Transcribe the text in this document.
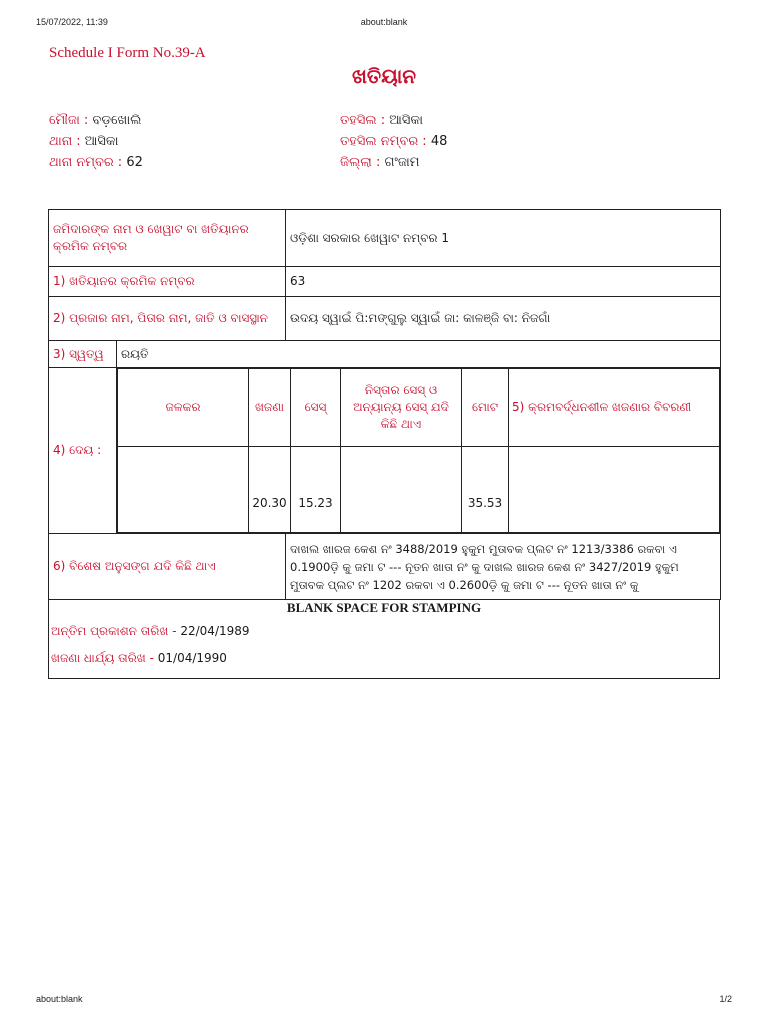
15/07/2022, 11:39	about:blank
Schedule I Form No.39-A
ଖତିୟାନ
ମୌଜା : ବଡ଼ଖୋଲି
ଥାନା : ଆସିକା
ଥାନା ନମ୍ବର : 62
ତହସିଲ : ଆସିକା
ତହସିଲ ନମ୍ବର : 48
ଜିଲ୍ଲା : ଗଂଜାମ
ଜମିଦାରଙ୍କ ନାମ ଓ ଖେୱାଟ ବା ଖତିୟାନର କ୍ରମିକ ନମ୍ବର	ଓଡ଼ିଶା ସରକାର ଖେୱାଟ ନମ୍ବର 1
1) ଖତିୟାନର କ୍ରମିକ ନମ୍ବର	63
2) ପ୍ରଜାର ନାମ, ପିତାର ନାମ, ଜାତି ଓ ବାସସ୍ଥାନ	ଉଦୟ ସ୍ୱାଇଁ ପି:ମଙ୍ଗୁଲୁ ସ୍ୱାଇଁ ଜା: କାଳଞ୍ଜି ବା: ନିଜଗାଁ
3) ସ୍ୱତ୍ୱ	ରୟତି
4) ଦେୟ :	
ଜଳକର	ଖଜଣା	ସେସ୍	ନିସ୍ତାର ସେସ୍ ଓ ଅନ୍ୟାନ୍ୟ ସେସ୍ ଯଦି କିଛି ଥାଏ	ମୋଟ	5) କ୍ରମବର୍ଦ୍ଧନଶୀଳ ଖଜଣାର ବିବରଣୀ
	20.30	15.23		35.53	

6) ବିଶେଷ ଅନୁସଙ୍ଗ ଯଦି କିଛି ଥାଏ	ଦାଖଲ ଖାରଜ କେଶ ନଂ 3488/2019 ହୁକୁମ ମୁତାବକ ପ୍ଲଟ ନଂ 1213/3386 ରକବା ଏ 0.1900ଡ଼ି କୁ ଜମା ଟ --- ନୂତନ ଖାତା ନଂ କୁ ଦାଖଲ ଖାରଜ କେଶ ନଂ 3427/2019 ହୁକୁମ ମୁତାବକ ପ୍ଲଟ ନଂ 1202 ରକବା ଏ 0.2600ଡ଼ି କୁ ଜମା ଟ --- ନୂତନ ଖାତା ନଂ କୁ
BLANK SPACE FOR STAMPING
ଅନ୍ତିମ ପ୍ରକାଶନ ତାରିଖ - 22/04/1989
ଖଜଣା ଧାର୍ଯ୍ୟ ତାରିଖ - 01/04/1990
about:blank	1/2
